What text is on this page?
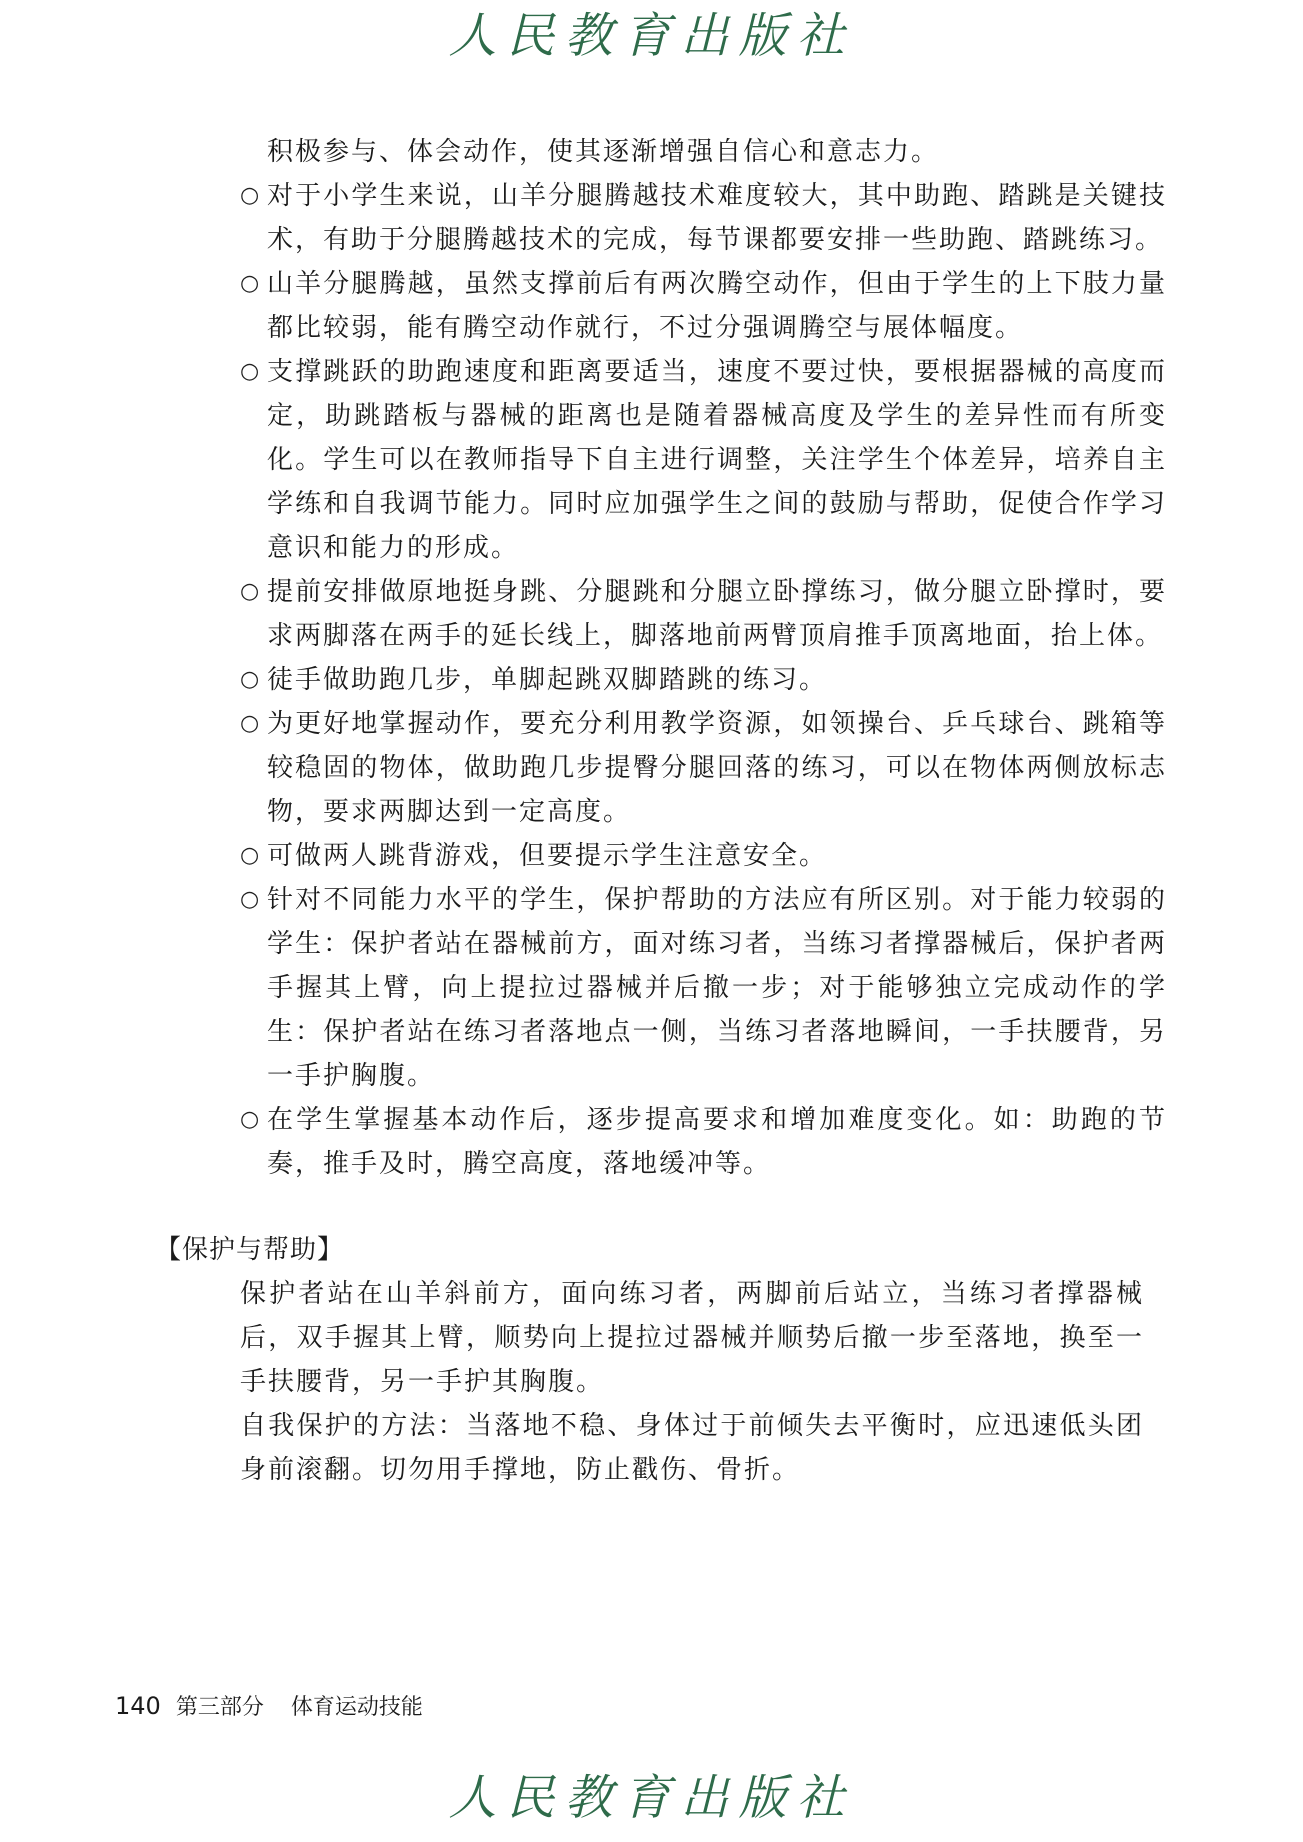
人民教育出版社
积极参与、体会动作，使其逐渐增强自信心和意志力。
○ 对于小学生来说，山羊分腿腾越技术难度较大，其中助跑、踏跳是关键技术，有助于分腿腾越技术的完成，每节课都要安排一些助跑、踏跳练习。
○ 山羊分腿腾越，虽然支撑前后有两次腾空动作，但由于学生的上下肢力量都比较弱，能有腾空动作就行，不过分强调腾空与展体幅度。
○ 支撑跳跃的助跑速度和距离要适当，速度不要过快，要根据器械的高度而定，助跳踏板与器械的距离也是随着器械高度及学生的差异性而有所变化。学生可以在教师指导下自主进行调整，关注学生个体差异，培养自主学练和自我调节能力。同时应加强学生之间的鼓励与帮助，促使合作学习意识和能力的形成。
○ 提前安排做原地挺身跳、分腿跳和分腿立卧撑练习，做分腿立卧撑时，要求两脚落在两手的延长线上，脚落地前两臂顶肩推手顶离地面，抬上体。
○ 徒手做助跑几步，单脚起跳双脚踏跳的练习。
○ 为更好地掌握动作，要充分利用教学资源，如领操台、乒乓球台、跳箱等较稳固的物体，做助跑几步提臀分腿回落的练习，可以在物体两侧放标志物，要求两脚达到一定高度。
○ 可做两人跳背游戏，但要提示学生注意安全。
○ 针对不同能力水平的学生，保护帮助的方法应有所区别。对于能力较弱的学生：保护者站在器械前方，面对练习者，当练习者撑器械后，保护者两手握其上臂，向上提拉过器械并后撤一步；对于能够独立完成动作的学生：保护者站在练习者落地点一侧，当练习者落地瞬间，一手扶腰背，另一手护胸腹。
○ 在学生掌握基本动作后，逐步提高要求和增加难度变化。如：助跑的节奏，推手及时，腾空高度，落地缓冲等。
【保护与帮助】
保护者站在山羊斜前方，面向练习者，两脚前后站立，当练习者撑器械后，双手握其上臂，顺势向上提拉过器械并顺势后撤一步至落地，换至一手扶腰背，另一手护其胸腹。
自我保护的方法：当落地不稳、身体过于前倾失去平衡时，应迅速低头团身前滚翻。切勿用手撑地，防止戳伤、骨折。
140 第三部分 体育运动技能
人民教育出版社
